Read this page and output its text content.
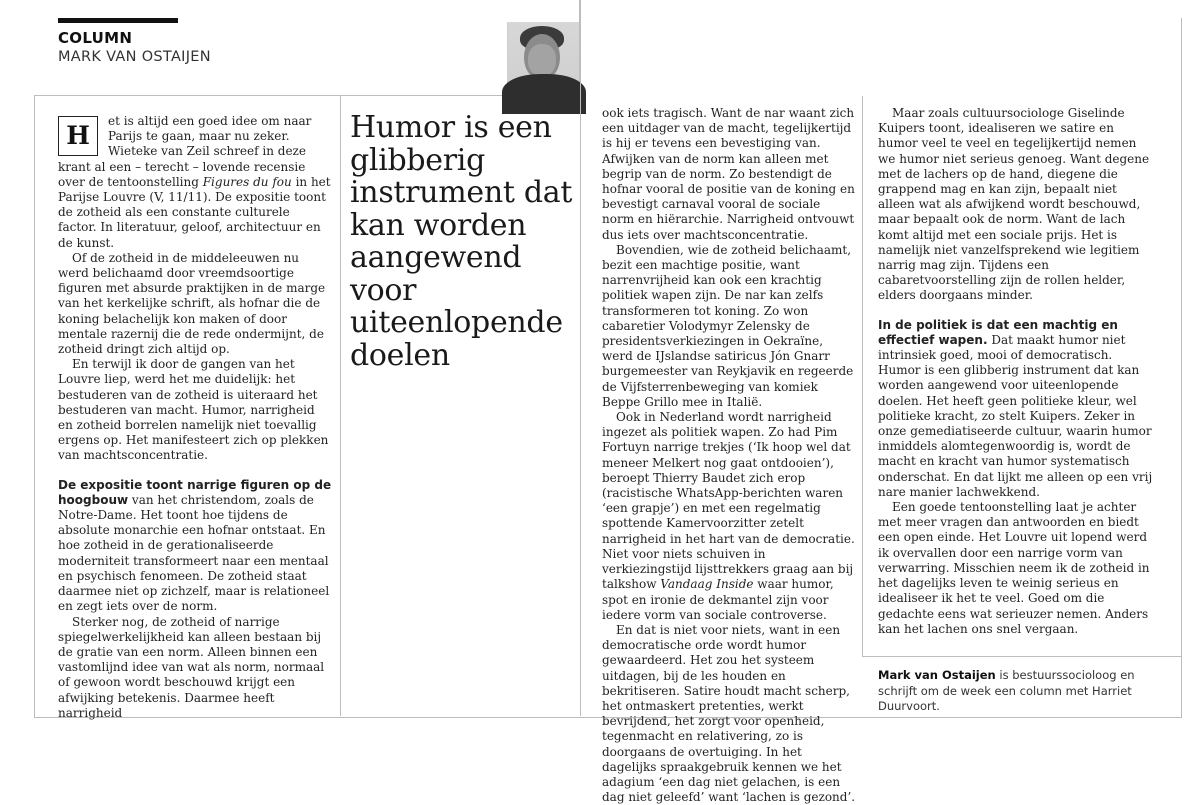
COLUMN
MARK VAN OSTAIJEN

H	et is altijd een goed idee om naar Parijs te gaan, maar nu zeker. Wieteke van Zeil schreef in deze krant al een – terecht – lovende recensie over de tentoonstelling Figures du fou in het Parijse Louvre (V, 11/11). De expositie toont de zotheid als een constante culturele factor. In literatuur, geloof, architectuur en de kunst.

Of de zotheid in de middeleeuwen nu werd belichaamd door vreemdsoortige figuren met absurde praktijken in de marge van het kerkelijke schrift, als hofnar die de koning belachelijk kon maken of door mentale razernij die de rede ondermijnt, de zotheid dringt zich altijd op.

En terwijl ik door de gangen van het Louvre liep, werd het me duidelijk: het bestuderen van de zotheid is uiteraard het bestuderen van macht. Humor, narrigheid en zotheid borrelen namelijk niet toevallig ergens op. Het manifesteert zich op plekken van machtsconcentratie.

De expositie toont narrige figuren op de hoogbouw van het christendom, zoals de Notre-Dame. Het toont hoe tijdens de absolute monarchie een hofnar ontstaat. En hoe zotheid in de gerationaliseerde moderniteit transformeert naar een mentaal en psychisch fenomeen. De zotheid staat daarmee niet op zichzelf, maar is relationeel en zegt iets over de norm.

Sterker nog, de zotheid of narrige spiegelwerkelijkheid kan alleen bestaan bij de gratie van een norm. Alleen binnen een vastomlijnd idee van wat als norm, normaal of gewoon wordt beschouwd krijgt een afwijking betekenis. Daarmee heeft narrigheid

Humor is een glibberig instrument dat kan worden aangewend voor uiteenlopende doelen

ook iets tragisch. Want de nar waant zich een uitdager van de macht, tegelijkertijd is hij er tevens een bevestiging van. Afwijken van de norm kan alleen met begrip van de norm. Zo bestendigt de hofnar vooral de positie van de koning en bevestigt carnaval vooral de sociale norm en hiërarchie. Narrigheid ontvouwt dus iets over machtsconcentratie.

Bovendien, wie de zotheid belichaamt, bezit een machtige positie, want narrenvrijheid kan ook een krachtig politiek wapen zijn. De nar kan zelfs transformeren tot koning. Zo won cabaretier Volodymyr Zelensky de presidentsverkiezingen in Oekraïne, werd de IJslandse satiricus Jón Gnarr burgemeester van Reykjavik en regeerde de Vijfsterrenbeweging van komiek Beppe Grillo mee in Italië.

Ook in Nederland wordt narrigheid ingezet als politiek wapen. Zo had Pim Fortuyn narrige trekjes (‘Ik hoop wel dat meneer Melkert nog gaat ontdooien’), beroept Thierry Baudet zich erop (racistische WhatsApp-berichten waren ‘een grapje’) en met een regelmatig spottende Kamervoorzitter zetelt narrigheid in het hart van de democratie. Niet voor niets schuiven in verkiezingstijd lijsttrekkers graag aan bij talkshow Vandaag Inside waar humor, spot en ironie de dekmantel zijn voor iedere vorm van sociale controverse.

En dat is niet voor niets, want in een democratische orde wordt humor gewaardeerd. Het zou het systeem uitdagen, bij de les houden en bekritiseren. Satire houdt macht scherp, het ontmaskert pretenties, werkt bevrijdend, het zorgt voor openheid, tegenmacht en relativering, zo is doorgaans de overtuiging. In het dagelijks spraakgebruik kennen we het adagium ‘een dag niet gelachen, is een dag niet geleefd’ want ‘lachen is gezond’.

Maar zoals cultuursociologe Giselinde Kuipers toont, idealiseren we satire en humor veel te veel en tegelijkertijd nemen we humor niet serieus genoeg. Want degene met de lachers op de hand, diegene die grappend mag en kan zijn, bepaalt niet alleen wat als afwijkend wordt beschouwd, maar bepaalt ook de norm. Want de lach komt altijd met een sociale prijs. Het is namelijk niet vanzelfsprekend wie legitiem narrig mag zijn. Tijdens een cabaretvoorstelling zijn de rollen helder, elders doorgaans minder.

In de politiek is dat een machtig en effectief wapen. Dat maakt humor niet intrinsiek goed, mooi of democratisch. Humor is een glibberig instrument dat kan worden aangewend voor uiteenlopende doelen. Het heeft geen politieke kleur, wel politieke kracht, zo stelt Kuipers. Zeker in onze gemediatiseerde cultuur, waarin humor inmiddels alomtegenwoordig is, wordt de macht en kracht van humor systematisch onderschat. En dat lijkt me alleen op een vrij nare manier lachwekkend.

Een goede tentoonstelling laat je achter met meer vragen dan antwoorden en biedt een open einde. Het Louvre uit lopend werd ik overvallen door een narrige vorm van verwarring. Misschien neem ik de zotheid in het dagelijks leven te weinig serieus en idealiseer ik het te veel. Goed om die gedachte eens wat serieuzer nemen. Anders kan het lachen ons snel vergaan.

Mark van Ostaijen is bestuurssocioloog en schrijft om de week een column met Harriet Duurvoort.
